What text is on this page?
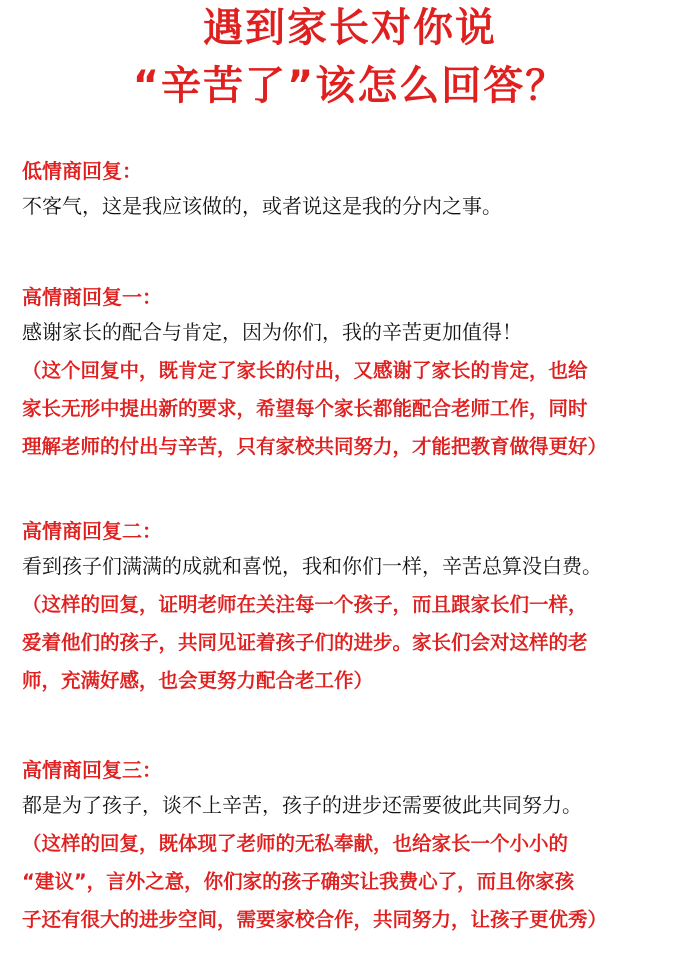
遇到家长对你说
“辛苦了”该怎么回答？
低情商回复：
不客气，这是我应该做的，或者说这是我的分内之事。
高情商回复一：
感谢家长的配合与肯定，因为你们，我的辛苦更加值得！
（这个回复中，既肯定了家长的付出，又感谢了家长的肯定，也给
家长无形中提出新的要求，希望每个家长都能配合老师工作，同时
理解老师的付出与辛苦，只有家校共同努力，才能把教育做得更好）
高情商回复二：
看到孩子们满满的成就和喜悦，我和你们一样，辛苦总算没白费。
（这样的回复，证明老师在关注每一个孩子，而且跟家长们一样，
爱着他们的孩子，共同见证着孩子们的进步。家长们会对这样的老
师，充满好感，也会更努力配合老工作）
高情商回复三：
都是为了孩子，谈不上辛苦，孩子的进步还需要彼此共同努力。
（这样的回复，既体现了老师的无私奉献，也给家长一个小小的
“建议”，言外之意，你们家的孩子确实让我费心了，而且你家孩
子还有很大的进步空间，需要家校合作，共同努力，让孩子更优秀）
